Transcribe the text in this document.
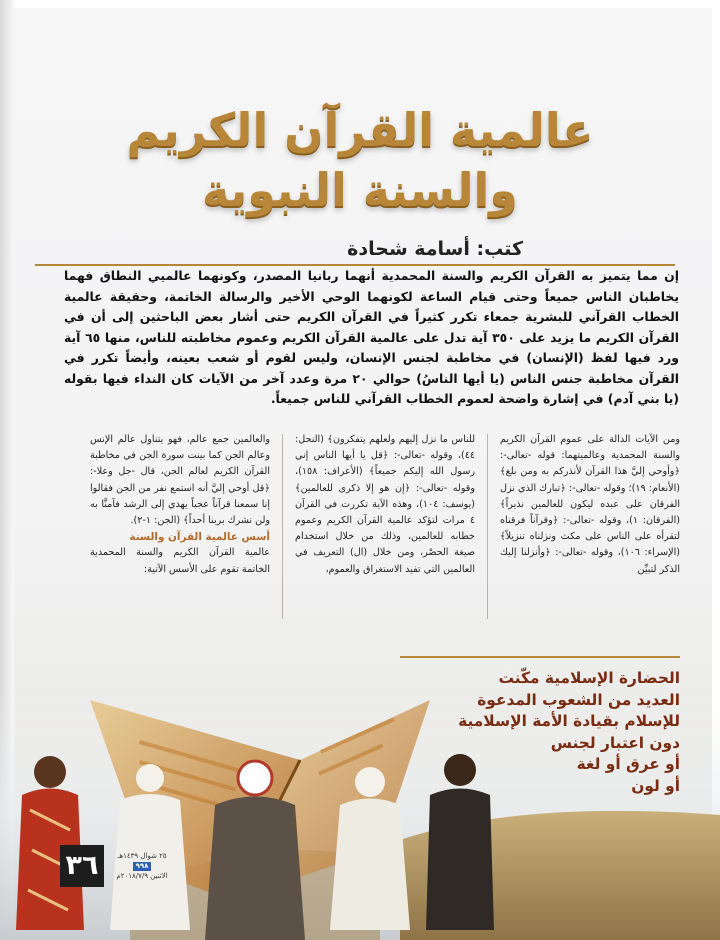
عالمية القرآن الكريم
والسنة النبوية
كتب: أسامة شحادة
إن مما يتميز به القرآن الكريم والسنة المحمدية أنهما ربانيا المصدر، وكونهما عالميي النطاق فهما يخاطبان الناس جميعاً وحتى قيام الساعة لكونهما الوحي الأخير والرسالة الخاتمة، وحقيقة عالمية الخطاب القرآني للبشرية جمعاء تكرر كثيراً في القرآن الكريم حتى أشار بعض الباحثين إلى أن في القرآن الكريم ما يزيد على ٣٥٠ آية تدل على عالمية القرآن الكريم وعموم مخاطبته للناس، منها ٦٥ آية ورد فيها لفظ (الإنسان) في مخاطبة لجنس الإنسان، وليس لقوم أو شعب بعينه، وأيضاً تكرر في القرآن مخاطبة جنس الناس (يا أيها الناسُ) حوالي ٢٠ مرة وعدد آخر من الآيات كان النداء فيها بقوله (يا بني آدم) في إشارة واضحة لعموم الخطاب القرآني للناس جميعاً.
ومن الآيات الدالة على عموم القرآن الكريم والسنة المحمدية وعالميتهما: قوله -تعالى-: ﴿وأوحي إليَّ هذا القرآن لأنذركم به ومن بلغ﴾ (الأنعام: ١٩)؛ وقوله -تعالى-: ﴿تبارك الذي نزل الفرقان على عبده ليكون للعالمين نذيراً﴾ (الفرقان: ١)، وقوله -تعالى-: ﴿وقرآناً فرقناه لتقرأه على الناس على مكث ونزلناه تنزيلاً﴾ (الإسراء: ١٠٦)، وقوله -تعالى-: ﴿وأنزلنا إليك الذكر لتبيِّن
للناس ما نزل إليهم ولعلهم يتفكرون﴾ (النحل: ٤٤)، وقوله -تعالى-: ﴿قل يا أيها الناس إني رسول الله إليكم جميعاً﴾ (الأعراف: ١٥٨)، وقوله -تعالى-: ﴿إن هو إلا ذكرى للعالمين﴾ (يوسف: ١٠٤)، وهذه الآية تكررت في القرآن ٤ مرات لتؤكد عالمية القرآن الكريم وعموم خطابه للعالمين، وذلك من خلال استخدام صيغة الحصْر، ومن خلال (ال) التعريف في العالمين التي تفيد الاستغراق والعموم،
والعالمين جمع عالم، فهو يتناول عالم الإنس وعالم الجن كما بينت سورة الجن في مخاطبة القرآن الكريم لعالم الجن، قال -جل وعلا-: ﴿قل أوحي إليَّ أنه استمع نفر من الجن فقالوا إنا سمعنا قرآناً عجباً يهدي إلى الرشد فآمنَّا به ولن نشرك بربنا أحداً﴾ (الجن: ١-٢).
أسس عالمية القرآن والسنة
عالمية القرآن الكريم والسنة المحمدية الخاتمة تقوم على الأسس الآتية:
الحضارة الإسلامية مكّنت
العديد من الشعوب المدعوة
للإسلام بقيادة الأمة الإسلامية
دون اعتبار لجنس
أو عرق أو لغة
أو لون
٣٦	٢٥ شوال ١٤٣٩هـ
٩٩٨
الاثنين ٢٠١٨/٧/٩م
